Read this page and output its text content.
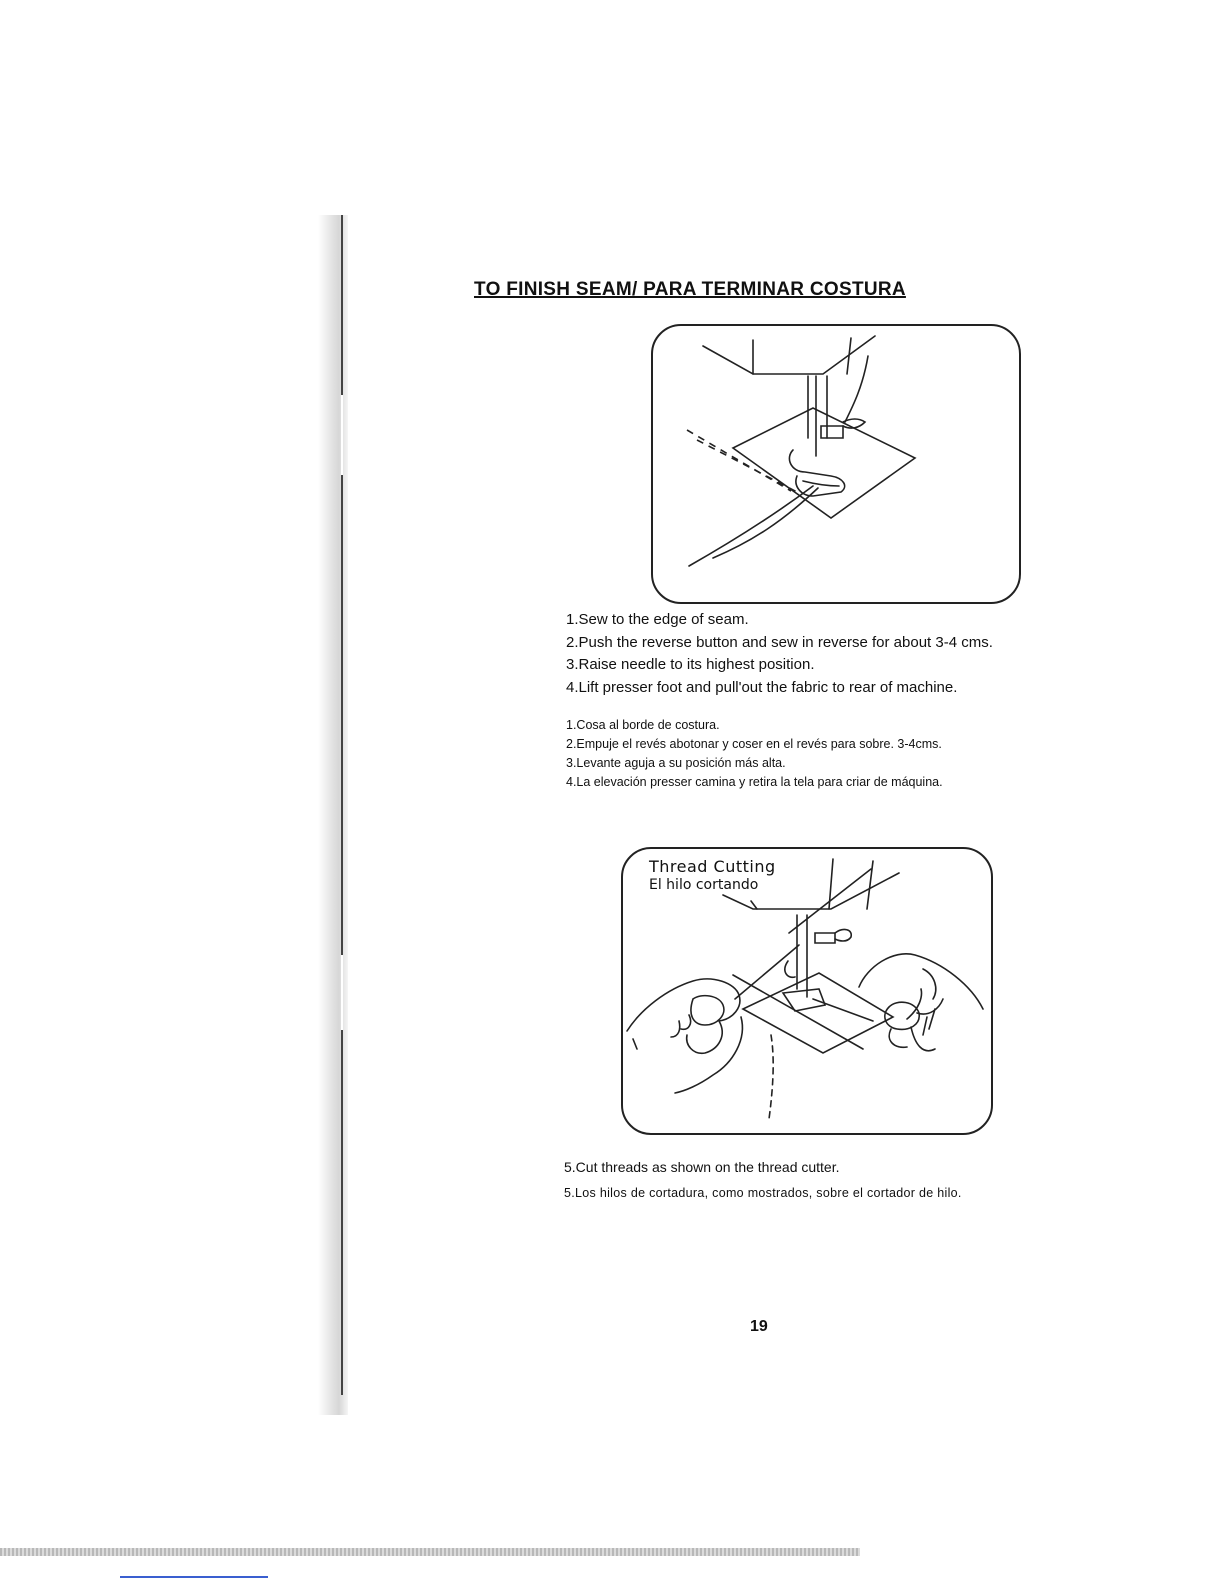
TO FINISH SEAM/ PARA TERMINAR COSTURA
1.Sew to the edge of seam.
2.Push the reverse button and sew in reverse for about 3-4 cms.
3.Raise needle to its highest position.
4.Lift presser foot and pull'out the fabric to rear of machine.
1.Cosa al borde de costura.
2.Empuje el revés abotonar y coser en el revés para sobre. 3-4cms.
3.Levante aguja a su posición más alta.
4.La elevación presser camina y retira la tela para criar de máquina.
Thread Cutting
El hilo cortando
5.Cut threads as shown on the thread cutter.
5.Los hilos de cortadura, como mostrados, sobre el cortador de hilo.
19
